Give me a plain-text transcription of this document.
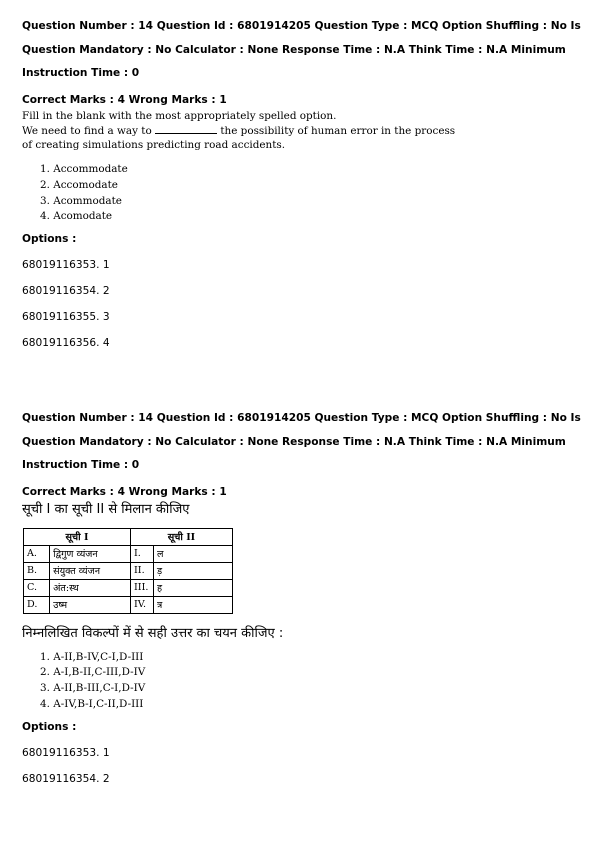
Question Number : 14 Question Id : 6801914205 Question Type : MCQ Option Shuffling : No Is
Question Mandatory : No Calculator : None Response Time : N.A Think Time : N.A Minimum
Instruction Time : 0
Correct Marks : 4 Wrong Marks : 1
Fill in the blank with the most appropriately spelled option.
We need to find a way to	the possibility of human error in the process
of creating simulations predicting road accidents.
1. Accommodate
2. Accomodate
3. Acommodate
4. Acomodate
Options :
68019116353. 1
68019116354. 2
68019116355. 3
68019116356. 4
Question Number : 14 Question Id : 6801914205 Question Type : MCQ Option Shuffling : No Is
Question Mandatory : No Calculator : None Response Time : N.A Think Time : N.A Minimum
Instruction Time : 0
Correct Marks : 4 Wrong Marks : 1
सूची I का सूची II से मिलान कीजिए
सूची I		सूची II	
A.	द्विगुण व्यंजन	I.	ल
B.	संयुक्त व्यंजन	II.	ड़
C.	अंत:स्थ	III.	ह
D.	उष्म	IV.	त्र
निम्नलिखित विकल्पों में से सही उत्तर का चयन कीजिए :
1. A-II,B-IV,C-I,D-III
2. A-I,B-II,C-III,D-IV
3. A-II,B-III,C-I,D-IV
4. A-IV,B-I,C-II,D-III
Options :
68019116353. 1
68019116354. 2
